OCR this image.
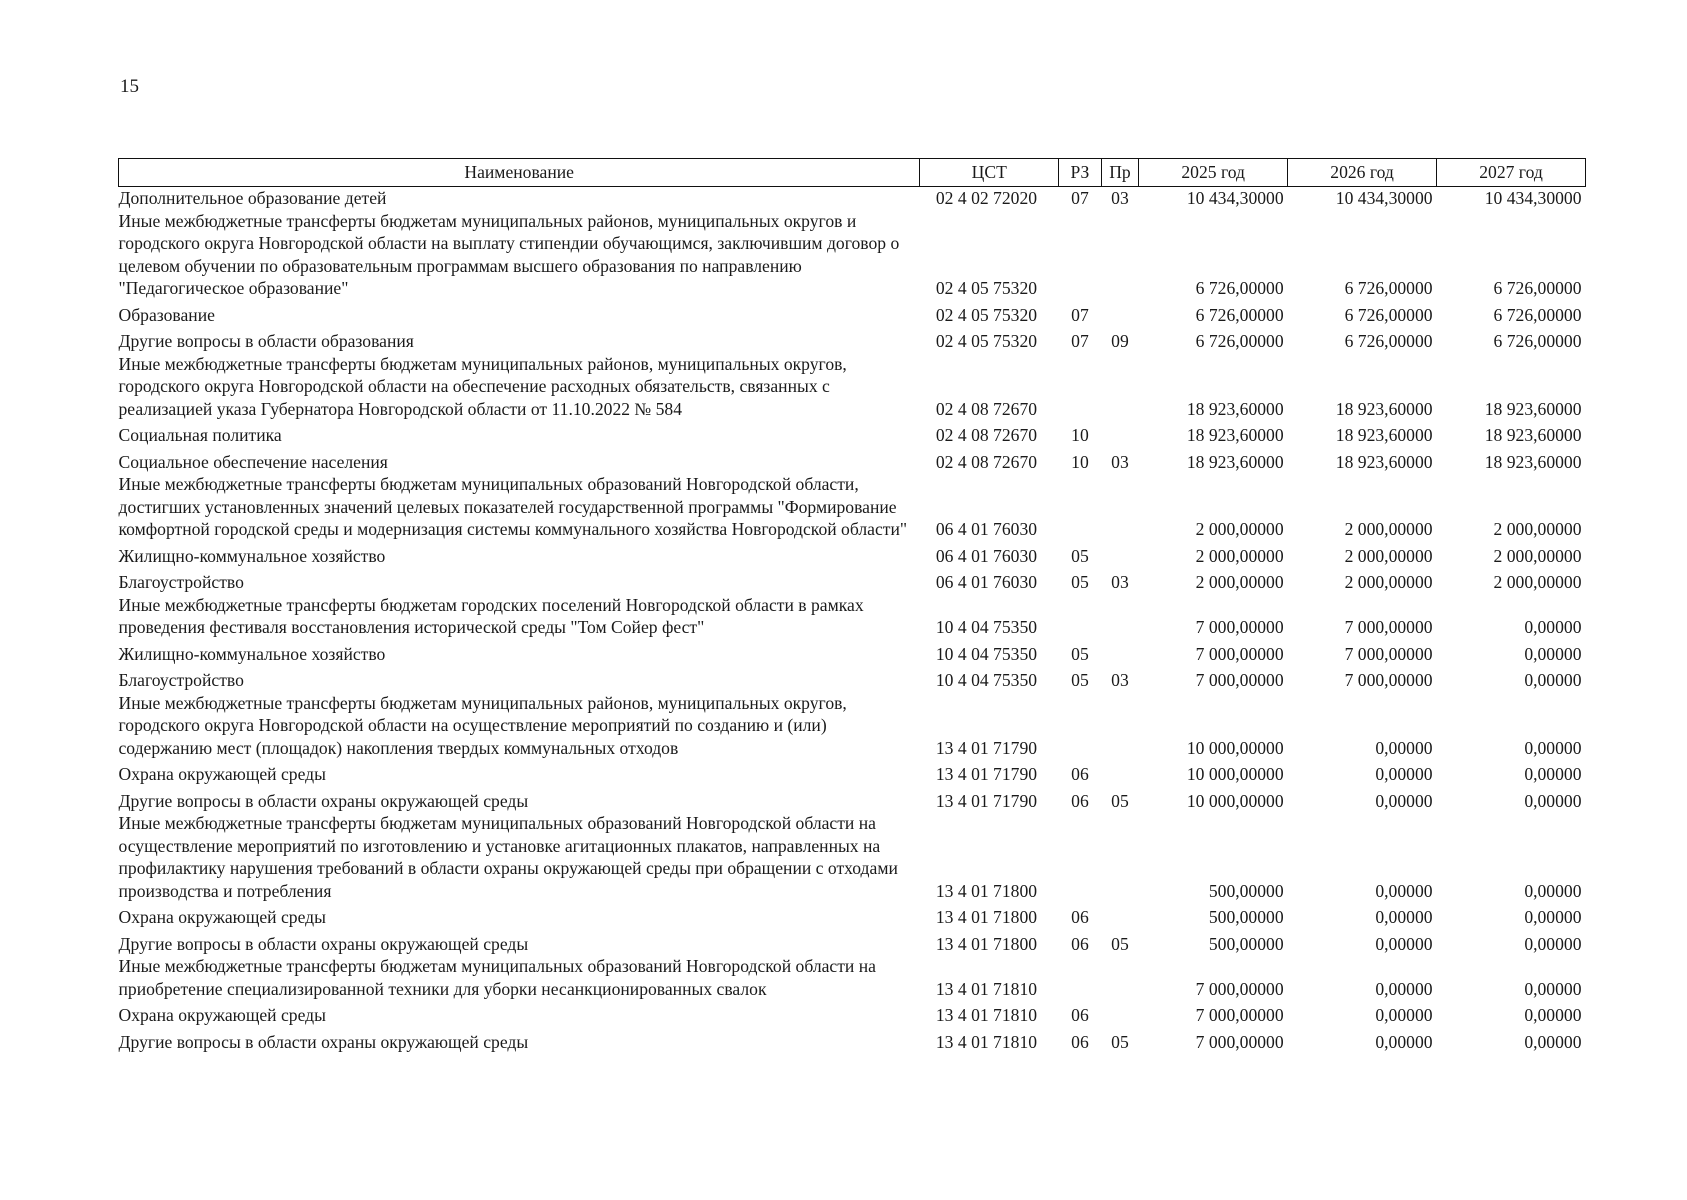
15
Наименование	ЦСТ	РЗ	Пр	2025 год	2026 год	2027 год
Дополнительное образование детей	02 4 02 72020	07	03	10 434,30000	10 434,30000	10 434,30000
Иные межбюджетные трансферты бюджетам муниципальных районов, муниципальных округов и городского округа Новгородской области на выплату стипендии обучающимся, заключившим договор о целевом обучении по образовательным программам высшего образования по направлению "Педагогическое образование"	02 4 05 75320			6 726,00000	6 726,00000	6 726,00000
Образование	02 4 05 75320	07		6 726,00000	6 726,00000	6 726,00000
Другие вопросы в области образования	02 4 05 75320	07	09	6 726,00000	6 726,00000	6 726,00000
Иные межбюджетные трансферты бюджетам муниципальных районов, муниципальных округов, городского округа Новгородской области на обеспечение расходных обязательств, связанных с реализацией указа Губернатора Новгородской области от 11.10.2022 № 584	02 4 08 72670			18 923,60000	18 923,60000	18 923,60000
Социальная политика	02 4 08 72670	10		18 923,60000	18 923,60000	18 923,60000
Социальное обеспечение населения	02 4 08 72670	10	03	18 923,60000	18 923,60000	18 923,60000
Иные межбюджетные трансферты бюджетам муниципальных образований Новгородской области, достигших установленных значений целевых показателей государственной программы "Формирование комфортной городской среды и модернизация системы коммунального хозяйства Новгородской области"	06 4 01 76030			2 000,00000	2 000,00000	2 000,00000
Жилищно-коммунальное хозяйство	06 4 01 76030	05		2 000,00000	2 000,00000	2 000,00000
Благоустройство	06 4 01 76030	05	03	2 000,00000	2 000,00000	2 000,00000
Иные межбюджетные трансферты бюджетам городских поселений Новгородской области в рамках проведения фестиваля восстановления исторической среды "Том Сойер фест"	10 4 04 75350			7 000,00000	7 000,00000	0,00000
Жилищно-коммунальное хозяйство	10 4 04 75350	05		7 000,00000	7 000,00000	0,00000
Благоустройство	10 4 04 75350	05	03	7 000,00000	7 000,00000	0,00000
Иные межбюджетные трансферты бюджетам муниципальных районов, муниципальных округов, городского округа Новгородской области на осуществление мероприятий по созданию и (или) содержанию мест (площадок) накопления твердых коммунальных отходов	13 4 01 71790			10 000,00000	0,00000	0,00000
Охрана окружающей среды	13 4 01 71790	06		10 000,00000	0,00000	0,00000
Другие вопросы в области охраны окружающей среды	13 4 01 71790	06	05	10 000,00000	0,00000	0,00000
Иные межбюджетные трансферты бюджетам муниципальных образований Новгородской области на осуществление мероприятий по изготовлению и установке агитационных плакатов, направленных на профилактику нарушения требований в области охраны окружающей среды при обращении с отходами производства и потребления	13 4 01 71800			500,00000	0,00000	0,00000
Охрана окружающей среды	13 4 01 71800	06		500,00000	0,00000	0,00000
Другие вопросы в области охраны окружающей среды	13 4 01 71800	06	05	500,00000	0,00000	0,00000
Иные межбюджетные трансферты бюджетам муниципальных образований Новгородской области на приобретение специализированной техники для уборки несанкционированных свалок	13 4 01 71810			7 000,00000	0,00000	0,00000
Охрана окружающей среды	13 4 01 71810	06		7 000,00000	0,00000	0,00000
Другие вопросы в области охраны окружающей среды	13 4 01 71810	06	05	7 000,00000	0,00000	0,00000
